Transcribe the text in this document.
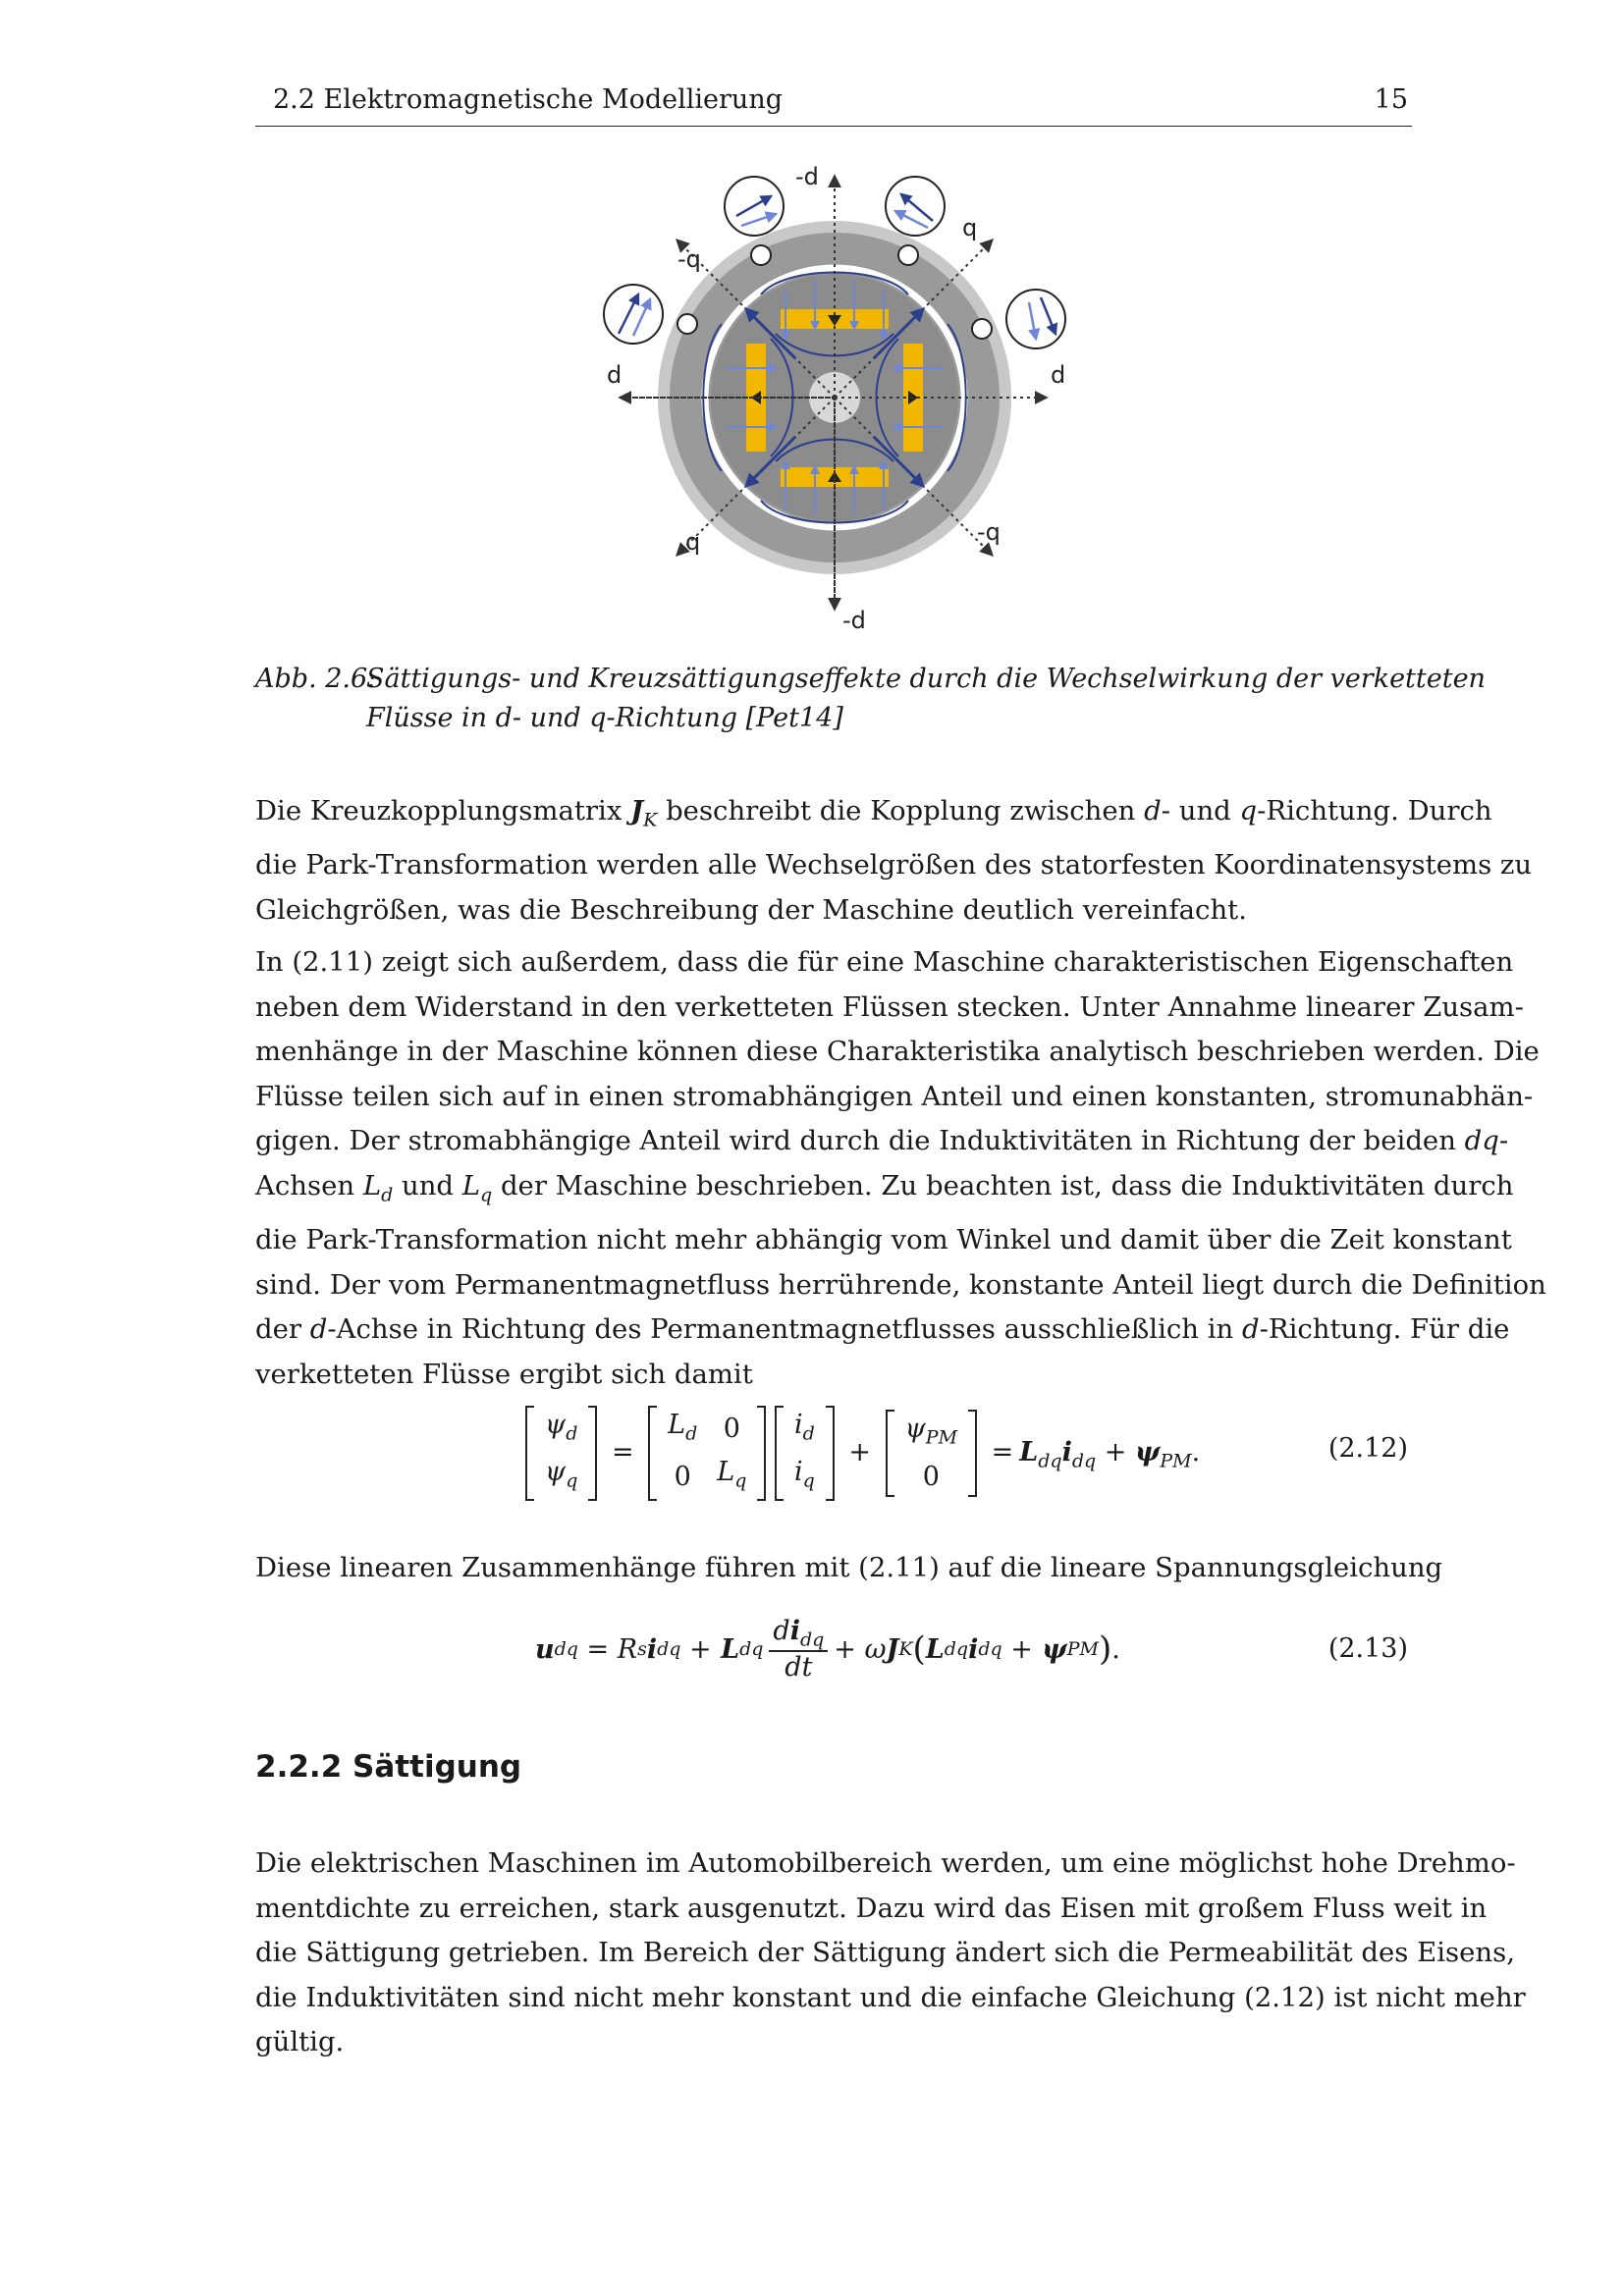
2.2 Elektromagnetische Modellierung	15
-d
q
-q
d	d
q	-q
-d
Abb. 2.6:
Sättigungs- und Kreuzsättigungseffekte durch die Wechselwirkung der verketteten
Flüsse in d- und q-Richtung [Pet14]
Die Kreuzkopplungsmatrix $J_K$ beschreibt die Kopplung zwischen d- und q-Richtung. Durch
die Park-Transformation werden alle Wechselgrößen des statorfesten Koordinatensystems zu
Gleichgrößen, was die Beschreibung der Maschine deutlich vereinfacht.
In (2.11) zeigt sich außerdem, dass die für eine Maschine charakteristischen Eigenschaften
neben dem Widerstand in den verketteten Flüssen stecken. Unter Annahme linearer Zusam-
menhänge in der Maschine können diese Charakteristika analytisch beschrieben werden. Die
Flüsse teilen sich auf in einen stromabhängigen Anteil und einen konstanten, stromunabhän-
gigen. Der stromabhängige Anteil wird durch die Induktivitäten in Richtung der beiden dq-
Achsen $L_d$ und $L_q$ der Maschine beschrieben. Zu beachten ist, dass die Induktivitäten durch
die Park-Transformation nicht mehr abhängig vom Winkel und damit über die Zeit konstant
sind. Der vom Permanentmagnetfluss herrührende, konstante Anteil liegt durch die Definition
der d-Achse in Richtung des Permanentmagnetflusses ausschließlich in d-Richtung. Für die
verketteten Flüsse ergibt sich damit
$\psi_d$
$\psi_q$
=
$L_d$	0
0	$L_q$

$i_d$
$i_q$
+
$\psi_{PM}$
0
= $L_{dq}i_{dq} + \psi_{PM}$.	(2.12)
Diese linearen Zusammenhänge führen mit (2.11) auf die lineare Spannungsgleichung
u dq = R s i dq + L dq
$di_{dq}$
dt
+ ω J K ( L dq i dq + ψ PM ) .	(2.13)
2.2.2 Sättigung
Die elektrischen Maschinen im Automobilbereich werden, um eine möglichst hohe Drehmo-
mentdichte zu erreichen, stark ausgenutzt. Dazu wird das Eisen mit großem Fluss weit in
die Sättigung getrieben. Im Bereich der Sättigung ändert sich die Permeabilität des Eisens,
die Induktivitäten sind nicht mehr konstant und die einfache Gleichung (2.12) ist nicht mehr
gültig.
